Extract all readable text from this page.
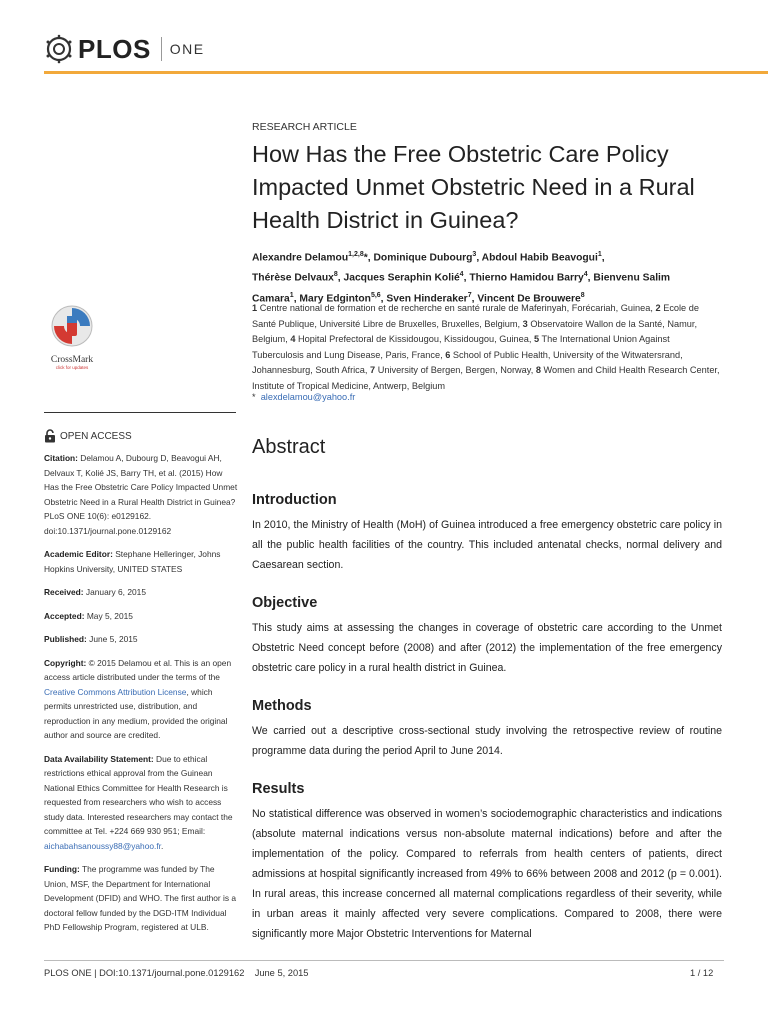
PLOS ONE
CrossMark
click for updates
RESEARCH ARTICLE
How Has the Free Obstetric Care Policy Impacted Unmet Obstetric Need in a Rural Health District in Guinea?
Alexandre Delamou$^{1,2,8}$*, Dominique Dubourg$^3$, Abdoul Habib Beavogui$^1$,
Thérèse Delvaux$^8$, Jacques Seraphin Kolié$^4$, Thierno Hamidou Barry$^4$, Bienvenu Salim Camara$^1$, Mary Edginton$^{5,6}$, Sven Hinderaker$^7$, Vincent De Brouwere$^8$
1 Centre national de formation et de recherche en santé rurale de Maferinyah, Forécariah, Guinea, 2 Ecole de Santé Publique, Université Libre de Bruxelles, Bruxelles, Belgium, 3 Observatoire Wallon de la Santé, Namur, Belgium, 4 Hopital Prefectoral de Kissidougou, Kissidougou, Guinea, 5 The International Union Against Tuberculosis and Lung Disease, Paris, France, 6 School of Public Health, University of the Witwatersrand, Johannesburg, South Africa, 7 University of Bergen, Bergen, Norway, 8 Women and Child Health Research Center, Institute of Tropical Medicine, Antwerp, Belgium
* alexdelamou@yahoo.fr
OPEN ACCESS

Citation: Delamou A, Dubourg D, Beavogui AH, Delvaux T, Kolié JS, Barry TH, et al. (2015) How Has the Free Obstetric Care Policy Impacted Unmet Obstetric Need in a Rural Health District in Guinea? PLoS ONE 10(6): e0129162. doi:10.1371/journal.pone.0129162

Academic Editor: Stephane Helleringer, Johns Hopkins University, UNITED STATES

Received: January 6, 2015

Accepted: May 5, 2015

Published: June 5, 2015

Copyright: © 2015 Delamou et al. This is an open access article distributed under the terms of the Creative Commons Attribution License, which permits unrestricted use, distribution, and reproduction in any medium, provided the original author and source are credited.

Data Availability Statement: Due to ethical restrictions ethical approval from the Guinean National Ethics Committee for Health Research is requested from researchers who wish to access study data. Interested researchers may contact the committee at Tel. +224 669 930 951; Email: aichabahsanoussy88@yahoo.fr.

Funding: The programme was funded by The Union, MSF, the Department for International Development (DFID) and WHO. The first author is a doctoral fellow funded by the DGD-ITM Individual PhD Fellowship Program, registered at ULB.

Abstract
Introduction

In 2010, the Ministry of Health (MoH) of Guinea introduced a free emergency obstetric care policy in all the public health facilities of the country. This included antenatal checks, normal delivery and Caesarean section.

Objective

This study aims at assessing the changes in coverage of obstetric care according to the Unmet Obstetric Need concept before (2008) and after (2012) the implementation of the free emergency obstetric care policy in a rural health district in Guinea.

Methods

We carried out a descriptive cross-sectional study involving the retrospective review of routine programme data during the period April to June 2014.

Results

No statistical difference was observed in women’s sociodemographic characteristics and indications (absolute maternal indications versus non-absolute maternal indications) before and after the implementation of the policy. Compared to referrals from health centers of patients, direct admissions at hospital significantly increased from 49% to 66% between 2008 and 2012 (p = 0.001). In rural areas, this increase concerned all maternal complications regardless of their severity, while in urban areas it mainly affected very severe complications. Compared to 2008, there were significantly more Major Obstetric Interventions for Maternal

PLOS ONE | DOI:10.1371/journal.pone.0129162    June 5, 2015	1 / 12
